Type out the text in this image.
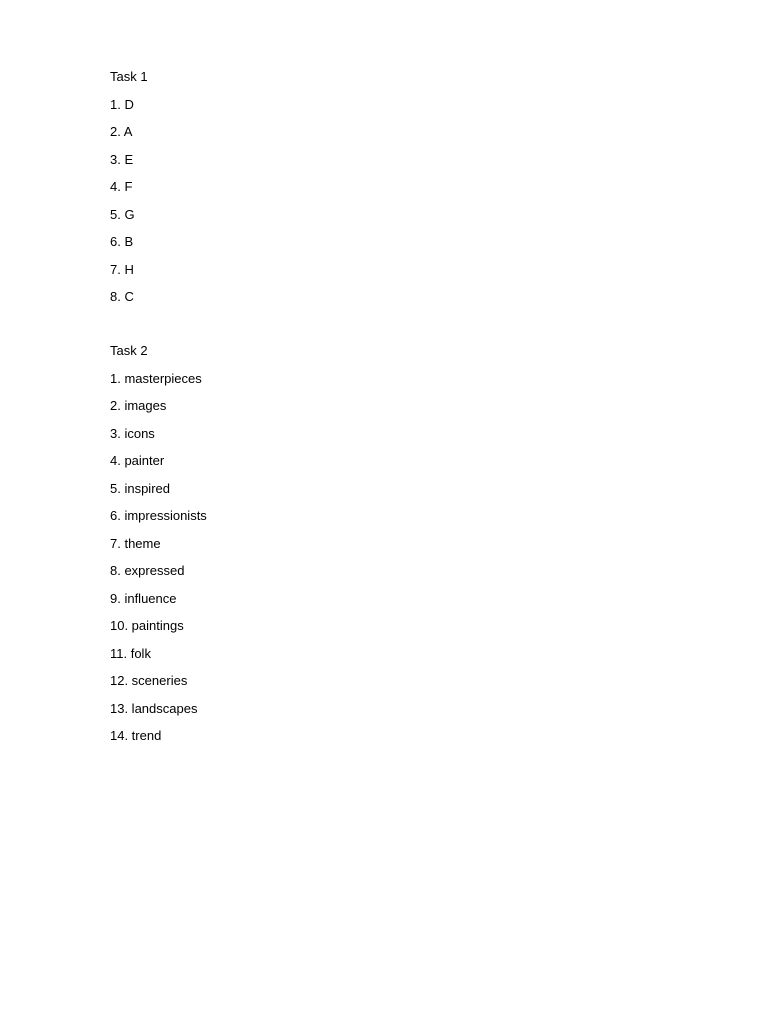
Task 1
1. D
2. A
3. E
4. F
5. G
6. B
7. H
8. C
Task 2
1. masterpieces
2. images
3. icons
4. painter
5. inspired
6. impressionists
7. theme
8. expressed
9. influence
10. paintings
11. folk
12. sceneries
13. landscapes
14. trend
